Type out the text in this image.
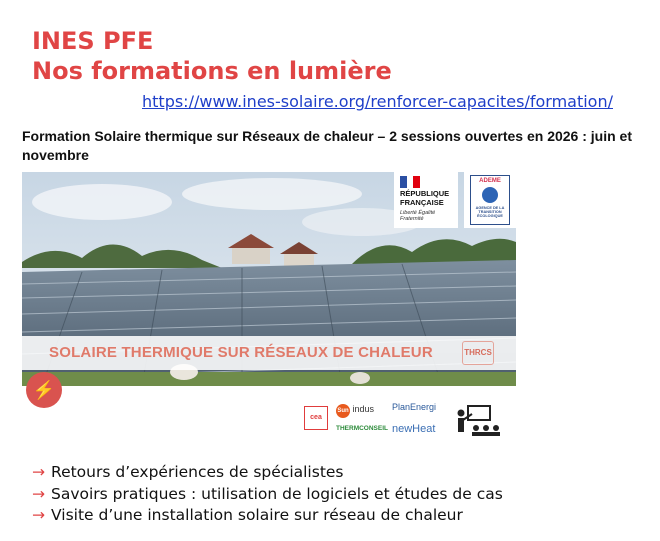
INES PFE
Nos formations en lumière
https://www.ines-solaire.org/renforcer-capacites/formation/
Formation Solaire thermique sur Réseaux de chaleur – 2 sessions ouvertes en 2026 : juin et novembre
SOLAIRE THERMIQUE SUR RÉSEAUX DE CHALEUR	THRCS
RÉPUBLIQUE FRANÇAISE
Liberté Égalité Fraternité
ADEME
AGENCE DE LA TRANSITION ÉCOLOGIQUE
⚡
cea
Sun indus
THERMCONSEIL
PlanEnergi
newHeat
→ Retours d’expériences de spécialistes
→ Savoirs pratiques : utilisation de logiciels et études de cas
→ Visite d’une installation solaire sur réseau de chaleur
